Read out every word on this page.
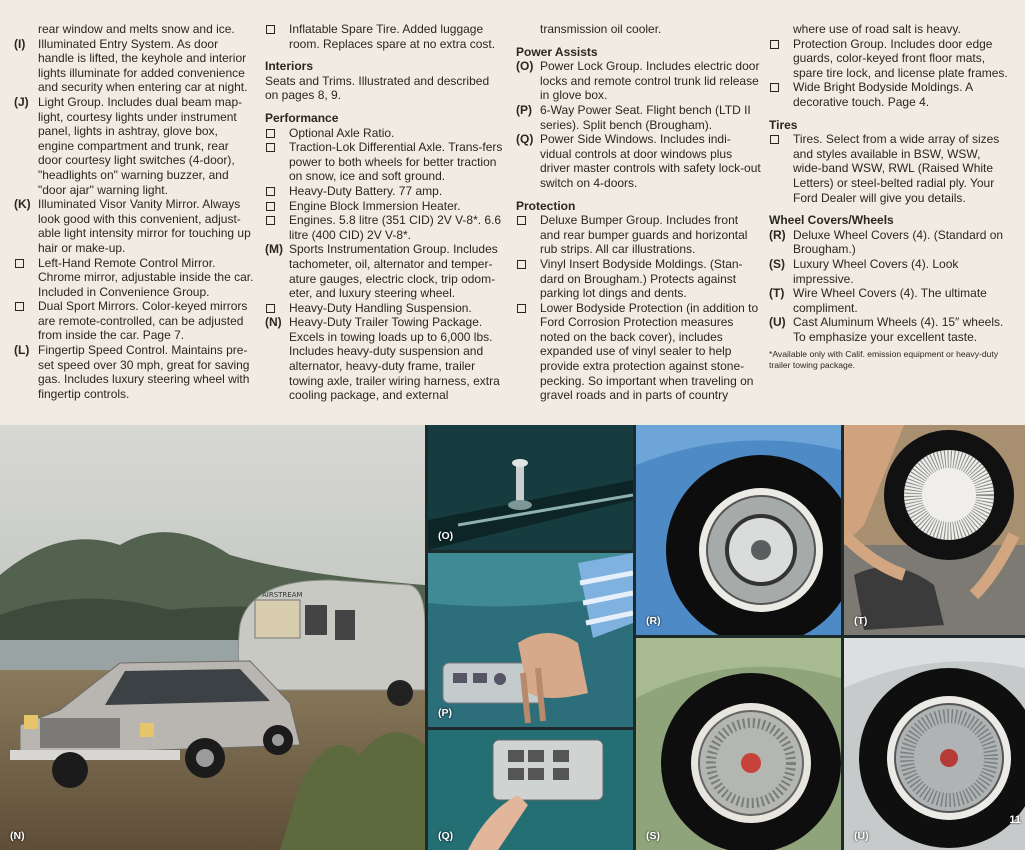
rear window and melts snow and ice.

(I) Illuminated Entry System. As door handle is lifted, the keyhole and interior lights illuminate for added convenience and security when entering car at night.
(J) Light Group. Includes dual beam map-light, courtesy lights under instrument panel, lights in ashtray, glove box, engine compartment and trunk, rear door courtesy light switches (4-door), "headlights on" warning buzzer, and "door ajar" warning light.
(K) Illuminated Visor Vanity Mirror. Always look good with this convenient, adjust-able light intensity mirror for touching up hair or make-up.
Left-Hand Remote Control Mirror. Chrome mirror, adjustable inside the car. Included in Convenience Group.
Dual Sport Mirrors. Color-keyed mirrors are remote-controlled, can be adjusted from inside the car. Page 7.
(L) Fingertip Speed Control. Maintains pre-set speed over 30 mph, great for saving gas. Includes luxury steering wheel with fingertip controls.
Inflatable Spare Tire. Added luggage room. Replaces spare at no extra cost.

Interiors

Seats and Trims. Illustrated and described on pages 8, 9.

Performance

Optional Axle Ratio.
Traction-Lok Differential Axle. Trans-fers power to both wheels for better traction on snow, ice and soft ground.
Heavy-Duty Battery. 77 amp.
Engine Block Immersion Heater.
Engines. 5.8 litre (351 CID) 2V V-8*. 6.6 litre (400 CID) 2V V-8*.
(M) Sports Instrumentation Group. Includes tachometer, oil, alternator and temper-ature gauges, electric clock, trip odom-eter, and luxury steering wheel.
Heavy-Duty Handling Suspension.
(N) Heavy-Duty Trailer Towing Package. Excels in towing loads up to 6,000 lbs. Includes heavy-duty suspension and alternator, heavy-duty frame, trailer towing axle, trailer wiring harness, extra cooling package, and external

transmission oil cooler.

Power Assists

(O) Power Lock Group. Includes electric door locks and remote control trunk lid release in glove box.
(P) 6-Way Power Seat. Flight bench (LTD II series). Split bench (Brougham).
(Q) Power Side Windows. Includes indi-vidual controls at door windows plus driver master controls with safety lock-out switch on 4-doors.

Protection

Deluxe Bumper Group. Includes front and rear bumper guards and horizontal rub strips. All car illustrations.
Vinyl Insert Bodyside Moldings. (Stan-dard on Brougham.) Protects against parking lot dings and dents.
Lower Bodyside Protection (in addition to Ford Corrosion Protection measures noted on the back cover), includes expanded use of vinyl sealer to help provide extra protection against stone-pecking. So important when traveling on gravel roads and in parts of country

where use of road salt is heavy.

Protection Group. Includes door edge guards, color-keyed front floor mats, spare tire lock, and license plate frames.
Wide Bright Bodyside Moldings. A decorative touch. Page 4.

Tires

Tires. Select from a wide array of sizes and styles available in BSW, WSW, wide-band WSW, RWL (Raised White Letters) or steel-belted radial ply. Your Ford Dealer will give you details.

Wheel Covers/Wheels

(R) Deluxe Wheel Covers (4). (Standard on Brougham.)
(S) Luxury Wheel Covers (4). Look impressive.
(T) Wire Wheel Covers (4). The ultimate compliment.
(U) Cast Aluminum Wheels (4). 15″ wheels. To emphasize your excellent taste.

*Available only with Calif. emission equipment or heavy-duty trailer towing package.

AIRSTREAM
(N)
(O)
(P)
(Q)
(R)
(S)
(T)
(U)
11
